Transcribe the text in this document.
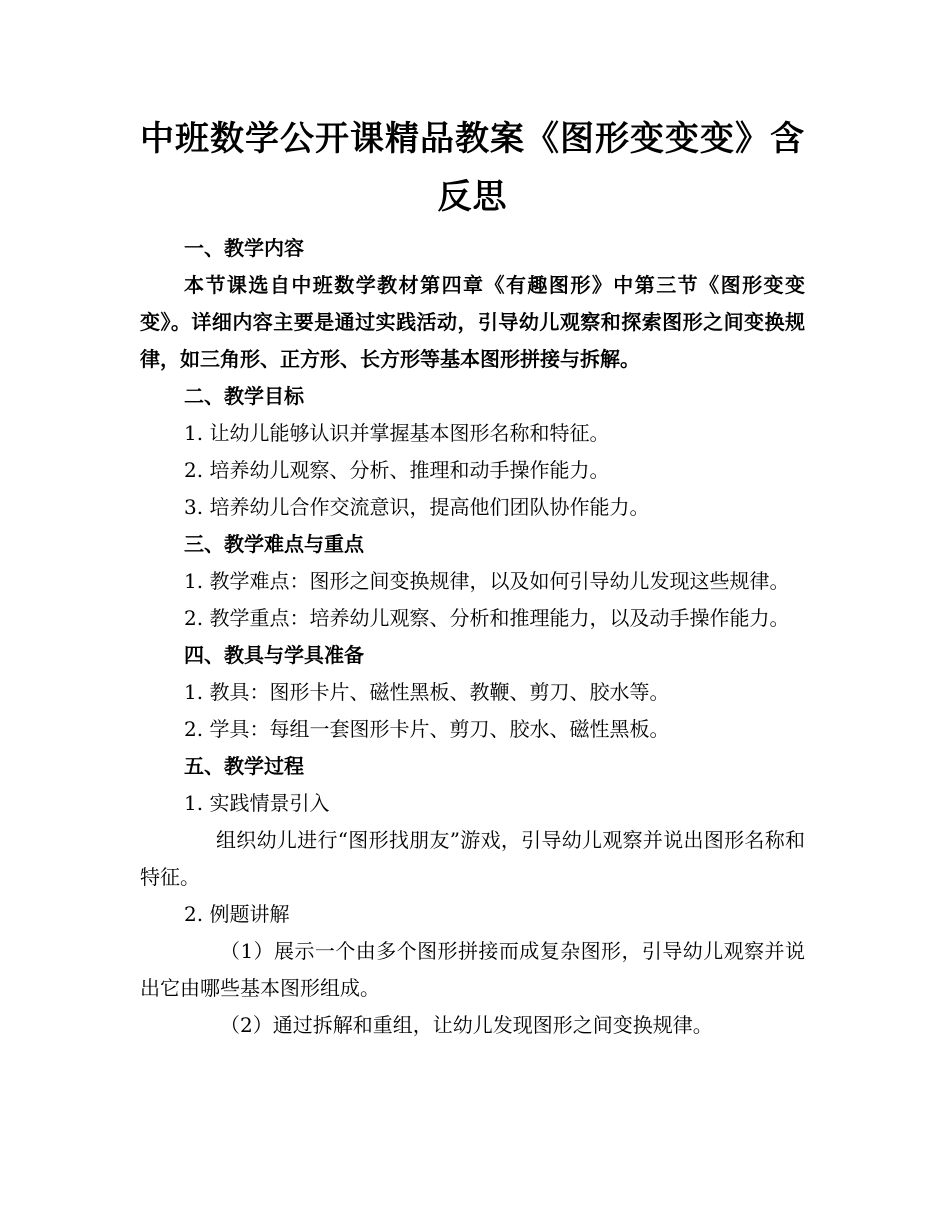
中班数学公开课精品教案《图形变变变》含反思

一、教学内容

本节课选自中班数学教材第四章《有趣图形》中第三节《图形变变变》。详细内容主要是通过实践活动，引导幼儿观察和探索图形之间变换规律，如三角形、正方形、长方形等基本图形拼接与拆解。

二、教学目标

1. 让幼儿能够认识并掌握基本图形名称和特征。

2. 培养幼儿观察、分析、推理和动手操作能力。

3. 培养幼儿合作交流意识，提高他们团队协作能力。

三、教学难点与重点

1. 教学难点：图形之间变换规律，以及如何引导幼儿发现这些规律。

2. 教学重点：培养幼儿观察、分析和推理能力，以及动手操作能力。

四、教具与学具准备

1. 教具：图形卡片、磁性黑板、教鞭、剪刀、胶水等。

2. 学具：每组一套图形卡片、剪刀、胶水、磁性黑板。

五、教学过程

1. 实践情景引入

组织幼儿进行“图形找朋友”游戏，引导幼儿观察并说出图形名称和特征。

2. 例题讲解

（1）展示一个由多个图形拼接而成复杂图形，引导幼儿观察并说出它由哪些基本图形组成。

（2）通过拆解和重组，让幼儿发现图形之间变换规律。
